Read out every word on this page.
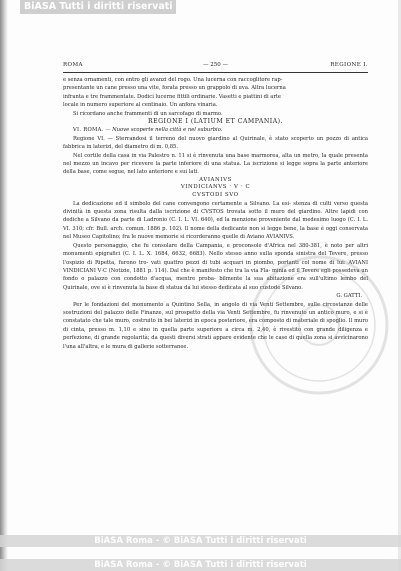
BiASA Tutti i diritti riservati
ROMA	— 250 —	REGIONE I.

e senza ornamenti, con entro gli avanzi del rogo. Una lucerna con raccoglitore rap-

presentante un cane presso una vite, forata presso un grappolo di uva. Altra lucerna

infranta e tre frammentate. Dodici lucerne fittili ordinarie. Vasetti e piattini di arte

locale in numero superiore al centinaio. Un anfora vinaria.

Si ricordano anche frammenti di un sarcofago di marmo.

REGIONE I (LATIUM ET CAMPANIA).

VI. ROMA. — Nuove scoperte nella città e nel suburbio.

Regione VI. — Sterrandosi il terreno del nuovo giardino al Quirinale, è stato scoperto un pozzo di antica fabbrica in laterizi, del diametro di m. 0,85.

Nel cortile della casa in via Palestro n. 11 si è rinvenuta una base marmorea, alta un metro, la quale presenta nel mezzo un incavo per ricevere la parte inferiore di una statua. La iscrizione si legge sopra la parte anteriore della base, come segue, nel lato anteriore e sui lati.

AVIANIVS

VINDICIANVS · V · C

CVSTODI SVO

La dedicazione ed il simbolo del cane convengono certamente a Silvano. La esi- stenza di culti verso questa divinità in questa zona risulta dalla iscrizione di CVSTOS trovata sotto il muro del giardino. Altre lapidi con dediche a Silvano da parte di Ladronio (C. I. L. VI. 640), ed la menzione proveniente dal medesimo luogo (C. I. L. VI. 310; cfr. Bull. arch. comun. 1886 p. 102). Il nome della dedicante non si legge bene, la base è oggi conservata nel Museo Capitolino; fra le nuove memorie si ricorderanno quelle di Aviano AVIANIVS.

Questo personaggio, che fu consolare della Campania, e proconsole d'Africa nel 380-381, è noto per altri monumenti epigrafici (C. I. L. X. 1684, 6632, 6683). Nello stesso anno sulla sponda sinistra del Tevere, presso l'ospizio di Ripetta, furono tro- vati quattro pezzi di tubi acquari in piombo, portanti col nome di lui: AVIANI VINDICIANI V·C (Notizie, 1881 p. 114). Dal che è manifesto che tra la via Fla- minia ed il Tevere egli possedeva un fondo o palazzo con condotto d'acqua, mentre proba- bilmente la sua abitazione era sull'ultimo lembo del Quirinale, ove si è rinvenuta la base di statua da lui stesso dedicata al suo custode Silvano.

G. GATTI.

Per le fondazioni del monumento a Quintino Sella, in angolo di via Venti Settembre, sulle circostanze delle sostruzioni del palazzo delle Finanze, sul prospetto della via Venti Settembre, fu rinvenuto un antico muro, e si è constatato che tale muro, costruito in bei laterizi in epoca posteriore, era composto di materiale di spoglio. Il muro di cinta, presso m. 1,10 e sino in quella parte superiore a circa m. 2,40, è rivestito con grande diligenza e perfezione, di grande regolarità; da questi diversi strati appare evidente che le case di quella zona si avvicinarono l'una all'altra, e le mura di gallerie sotterranee.

BiASA Roma - © BiASA Tutti i diritti riservati
BiASA Roma - © BiASA Tutti i diritti riservati
